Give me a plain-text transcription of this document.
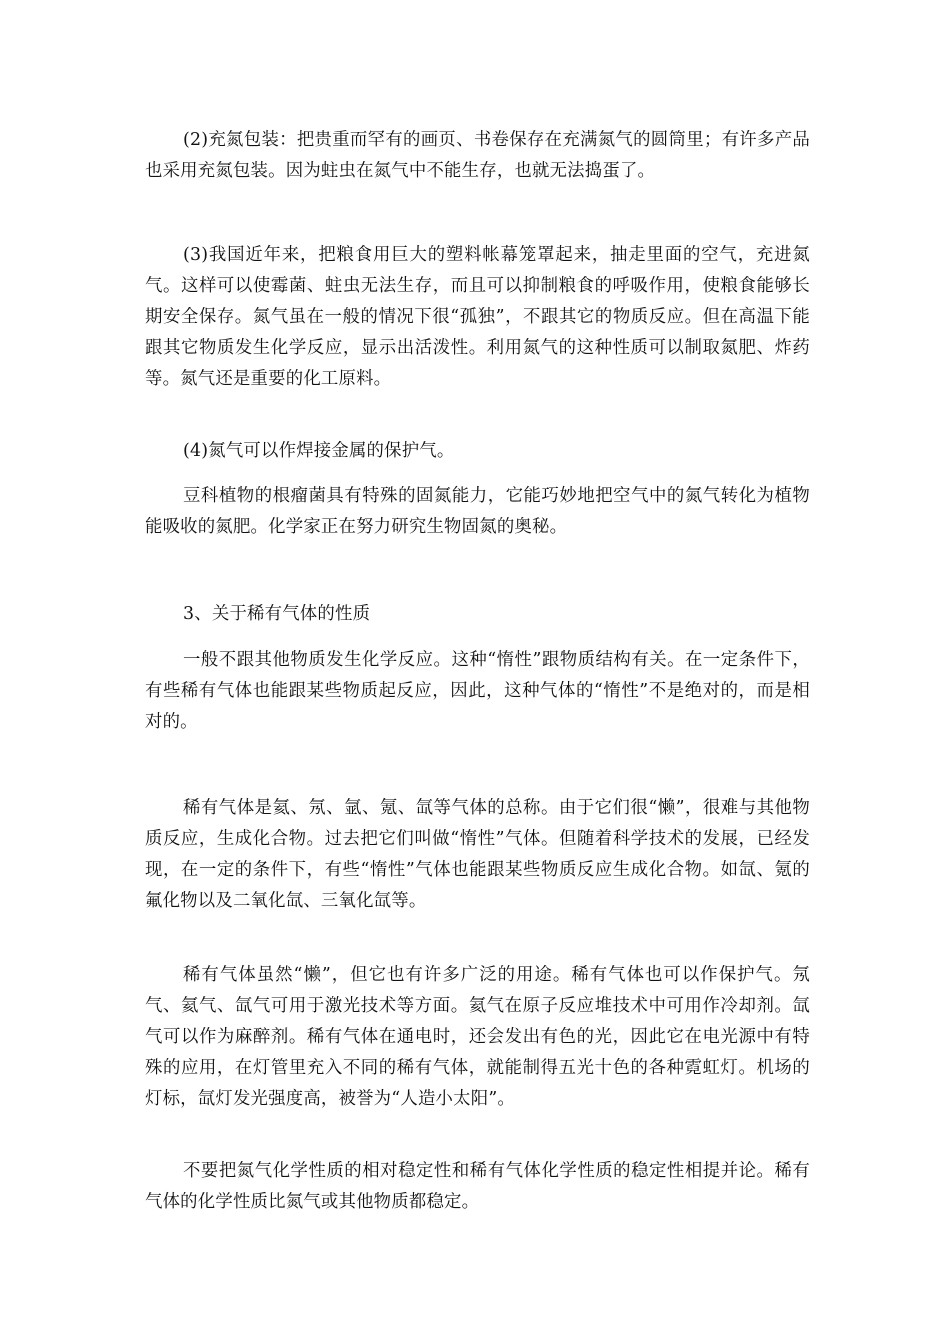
(2)充氮包装：把贵重而罕有的画页、书卷保存在充满氮气的圆筒里；有许多产品也采用充氮包装。因为蛀虫在氮气中不能生存，也就无法捣蛋了。

(3)我国近年来，把粮食用巨大的塑料帐幕笼罩起来，抽走里面的空气，充进氮气。这样可以使霉菌、蛀虫无法生存，而且可以抑制粮食的呼吸作用，使粮食能够长期安全保存。氮气虽在一般的情况下很“孤独”，不跟其它的物质反应。但在高温下能跟其它物质发生化学反应，显示出活泼性。利用氮气的这种性质可以制取氮肥、炸药等。氮气还是重要的化工原料。

(4)氮气可以作焊接金属的保护气。

豆科植物的根瘤菌具有特殊的固氮能力，它能巧妙地把空气中的氮气转化为植物能吸收的氮肥。化学家正在努力研究生物固氮的奥秘。

3、关于稀有气体的性质

一般不跟其他物质发生化学反应。这种“惰性”跟物质结构有关。在一定条件下，有些稀有气体也能跟某些物质起反应，因此，这种气体的“惰性”不是绝对的，而是相对的。

稀有气体是氦、氖、氩、氪、氙等气体的总称。由于它们很“懒”，很难与其他物质反应，生成化合物。过去把它们叫做“惰性”气体。但随着科学技术的发展，已经发现，在一定的条件下，有些“惰性”气体也能跟某些物质反应生成化合物。如氙、氪的氟化物以及二氧化氙、三氧化氙等。

稀有气体虽然“懒”，但它也有许多广泛的用途。稀有气体也可以作保护气。氖气、氦气、氙气可用于激光技术等方面。氦气在原子反应堆技术中可用作冷却剂。氙气可以作为麻醉剂。稀有气体在通电时，还会发出有色的光，因此它在电光源中有特殊的应用，在灯管里充入不同的稀有气体，就能制得五光十色的各种霓虹灯。机场的灯标，氙灯发光强度高，被誉为“人造小太阳”。

不要把氮气化学性质的相对稳定性和稀有气体化学性质的稳定性相提并论。稀有气体的化学性质比氮气或其他物质都稳定。
